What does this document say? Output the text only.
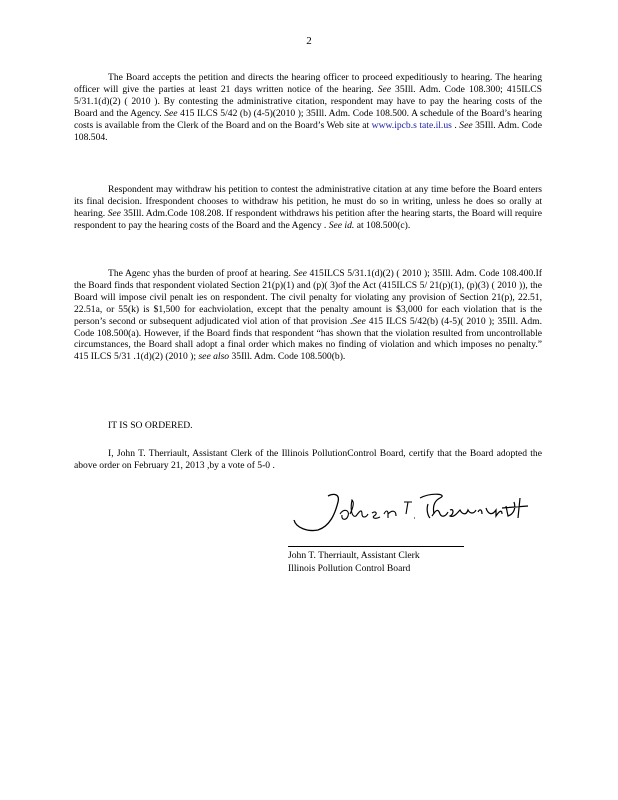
2

The Board accepts the petition and directs the hearing officer to proceed expeditiously to hearing. The hearing officer will give the parties at least 21 days written notice of the hearing. See 35Ill. Adm. Code 108.300; 415ILCS 5/31.1(d)(2) ( 2010 ). By contesting the administrative citation, respondent may have to pay the hearing costs of the Board and the Agency. See 415 ILCS 5/42 (b) (4-5)(2010 ); 35Ill. Adm. Code 108.500. A schedule of the Board’s hearing costs is available from the Clerk of the Board and on the Board’s Web site at www.ipcb.s tate.il.us . See 35Ill. Adm. Code 108.504.

Respondent may withdraw his petition to contest the administrative citation at any time before the Board enters its final decision. Ifrespondent chooses to withdraw his petition, he must do so in writing, unless he does so orally at hearing. See 35Ill. Adm.Code 108.208. If respondent withdraws his petition after the hearing starts, the Board will require respondent to pay the hearing costs of the Board and the Agency . See id. at 108.500(c).

The Agenc yhas the burden of proof at hearing. See 415ILCS 5/31.1(d)(2) ( 2010 ); 35Ill. Adm. Code 108.400.If the Board finds that respondent violated Section 21(p)(1) and (p)( 3)of the Act (415ILCS 5/ 21(p)(1), (p)(3) ( 2010 )), the Board will impose civil penalt ies on respondent. The civil penalty for violating any provision of Section 21(p), 22.51, 22.51a, or 55(k) is $1,500 for eachviolation, except that the penalty amount is $3,000 for each violation that is the person’s second or subsequent adjudicated viol ation of that provision .See 415 ILCS 5/42(b) (4-5)( 2010 ); 35Ill. Adm. Code 108.500(a). However, if the Board finds that respondent “has shown that the violation resulted from uncontrollable circumstances, the Board shall adopt a final order which makes no finding of violation and which imposes no penalty.” 415 ILCS 5/31 .1(d)(2) (2010 ); see also 35Ill. Adm. Code 108.500(b).

IT IS SO ORDERED.

I, John T. Therriault, Assistant Clerk of the Illinois PollutionControl Board, certify that the Board adopted the above order on February 21, 2013 ,by a vote of 5-0 .

John T. Therriault, Assistant Clerk
Illinois Pollution Control Board
